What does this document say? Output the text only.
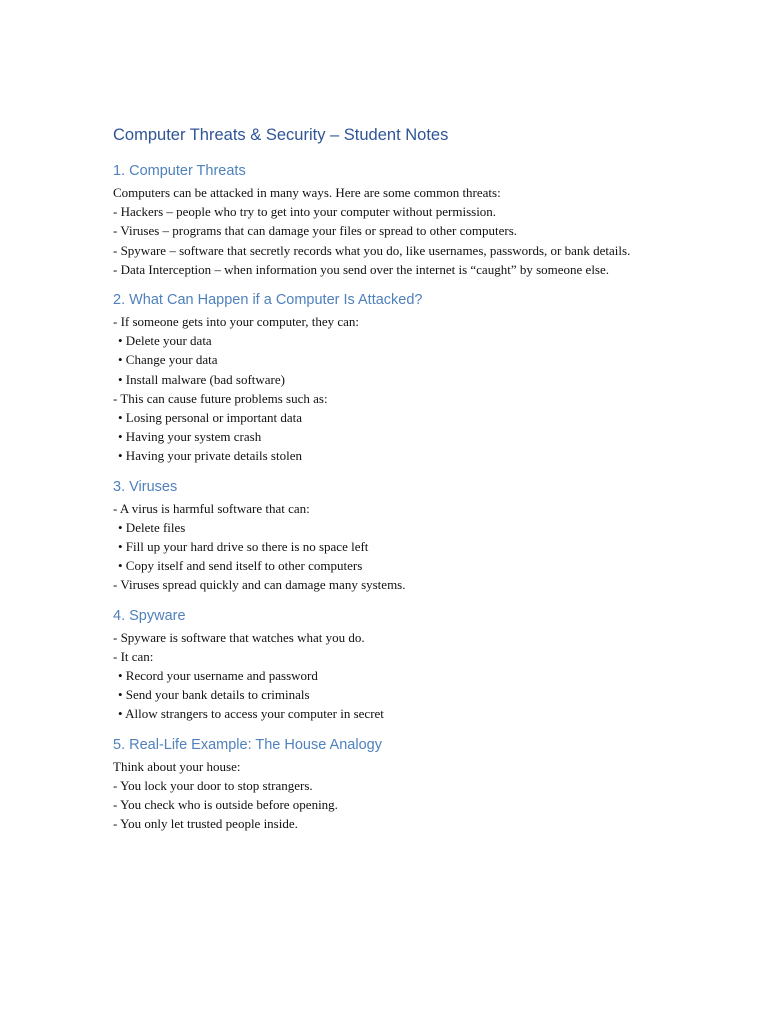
Computer Threats & Security – Student Notes
1. Computer Threats

Computers can be attacked in many ways. Here are some common threats:

- Hackers – people who try to get into your computer without permission.

- Viruses – programs that can damage your files or spread to other computers.

- Spyware – software that secretly records what you do, like usernames, passwords, or bank details.

- Data Interception – when information you send over the internet is “caught” by someone else.

2. What Can Happen if a Computer Is Attacked?

- If someone gets into your computer, they can:

• Delete your data

• Change your data

• Install malware (bad software)

- This can cause future problems such as:

• Losing personal or important data

• Having your system crash

• Having your private details stolen

3. Viruses

- A virus is harmful software that can:

• Delete files

• Fill up your hard drive so there is no space left

• Copy itself and send itself to other computers

- Viruses spread quickly and can damage many systems.

4. Spyware

- Spyware is software that watches what you do.

- It can:

• Record your username and password

• Send your bank details to criminals

• Allow strangers to access your computer in secret

5. Real-Life Example: The House Analogy

Think about your house:

- You lock your door to stop strangers.

- You check who is outside before opening.

- You only let trusted people inside.
